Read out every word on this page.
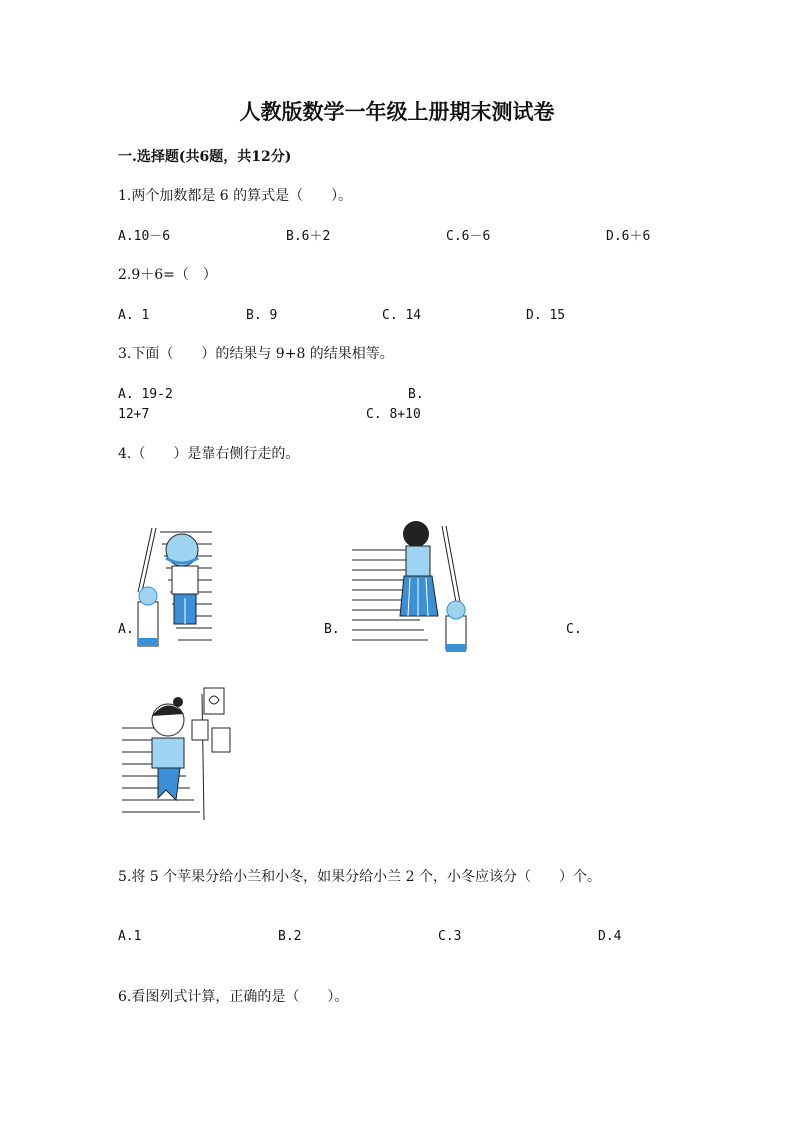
人教版数学一年级上册期末测试卷
一.选择题(共6题，共12分)
1.两个加数都是 6 的算式是（　　）。
A.10－6	B.6＋2	C.6－6	D.6＋6
2.9＋6=（　）
A. 1	B. 9	C. 14	D. 15
3.下面（　　）的结果与 9+8 的结果相等。
A. 19-2	B.
12+7	C. 8+10
4.（　　）是靠右侧行走的。
A.	B.	C.
5.将 5 个苹果分给小兰和小冬，如果分给小兰 2 个，小冬应该分（　　）个。
A.1	B.2	C.3	D.4
6.看图列式计算，正确的是（　　）。
